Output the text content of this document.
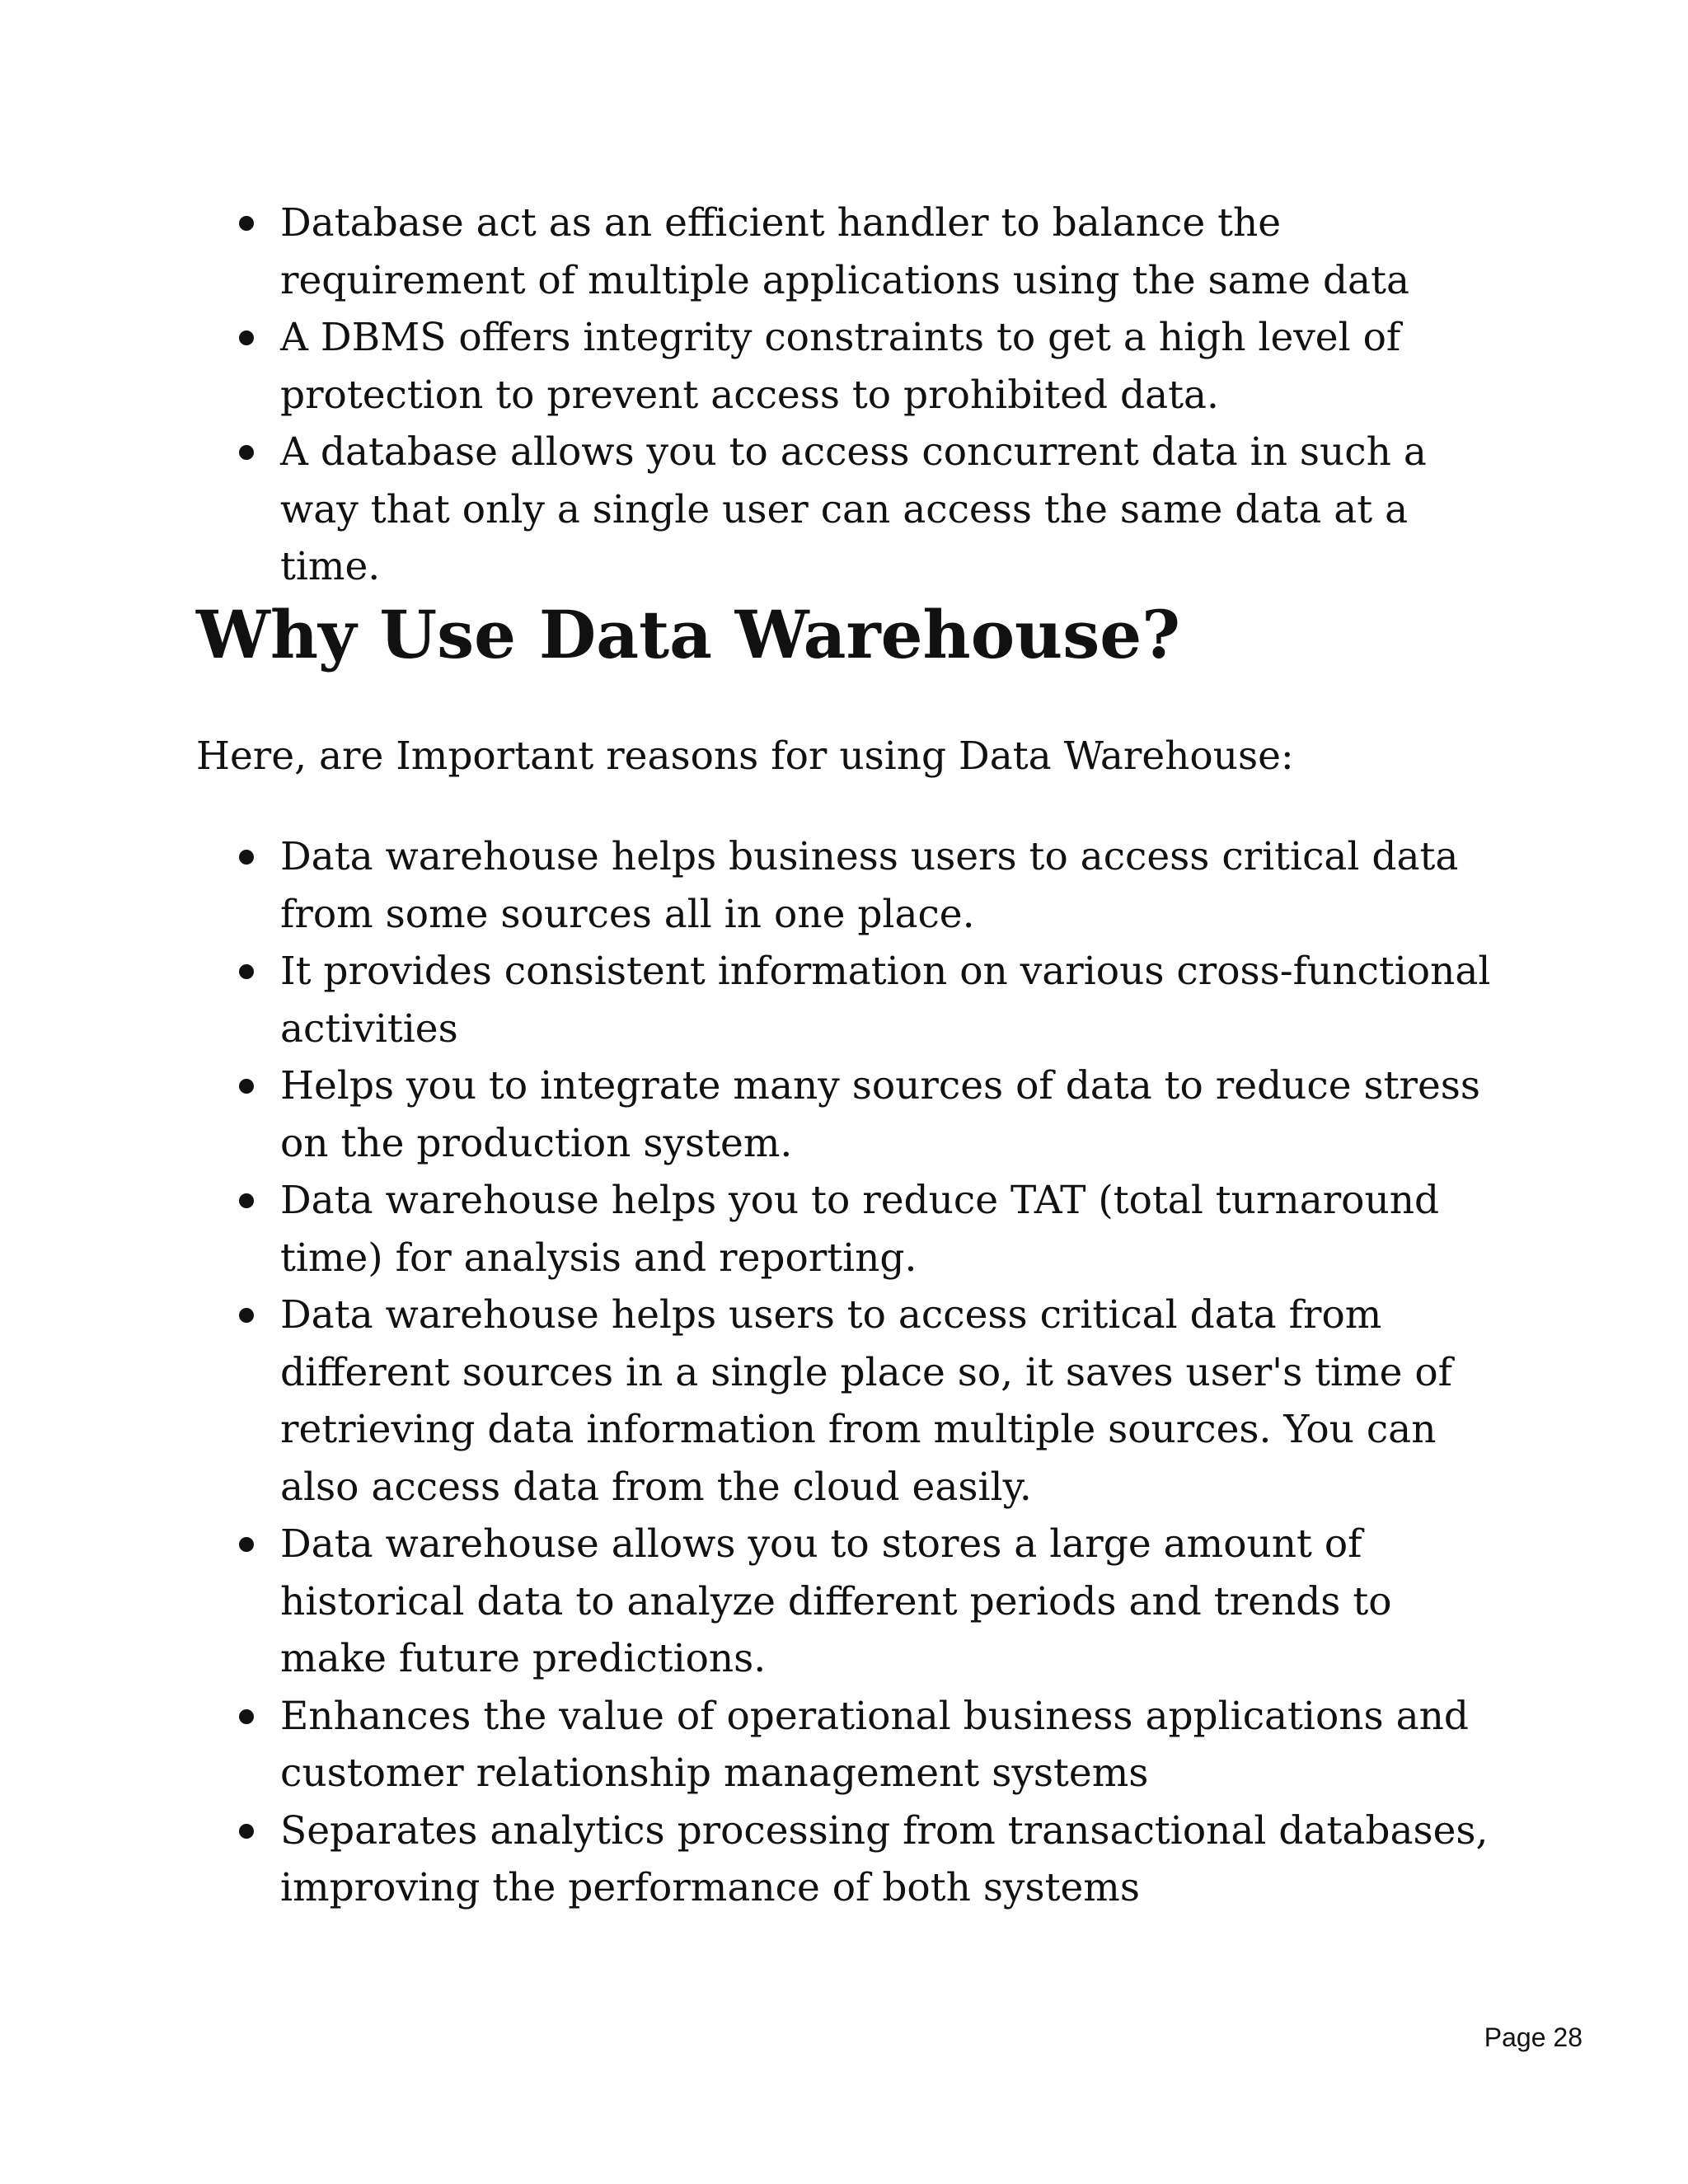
Database act as an efficient handler to balance the requirement of multiple applications using the same data
A DBMS offers integrity constraints to get a high level of protection to prevent access to prohibited data.
A database allows you to access concurrent data in such a way that only a single user can access the same data at a time.
Why Use Data Warehouse?

Here, are Important reasons for using Data Warehouse:

Data warehouse helps business users to access critical data from some sources all in one place.
It provides consistent information on various cross-functional activities
Helps you to integrate many sources of data to reduce stress on the production system.
Data warehouse helps you to reduce TAT (total turnaround time) for analysis and reporting.
Data warehouse helps users to access critical data from different sources in a single place so, it saves user's time of retrieving data information from multiple sources. You can also access data from the cloud easily.
Data warehouse allows you to stores a large amount of historical data to analyze different periods and trends to make future predictions.
Enhances the value of operational business applications and customer relationship management systems
Separates analytics processing from transactional databases, improving the performance of both systems
Page 28
